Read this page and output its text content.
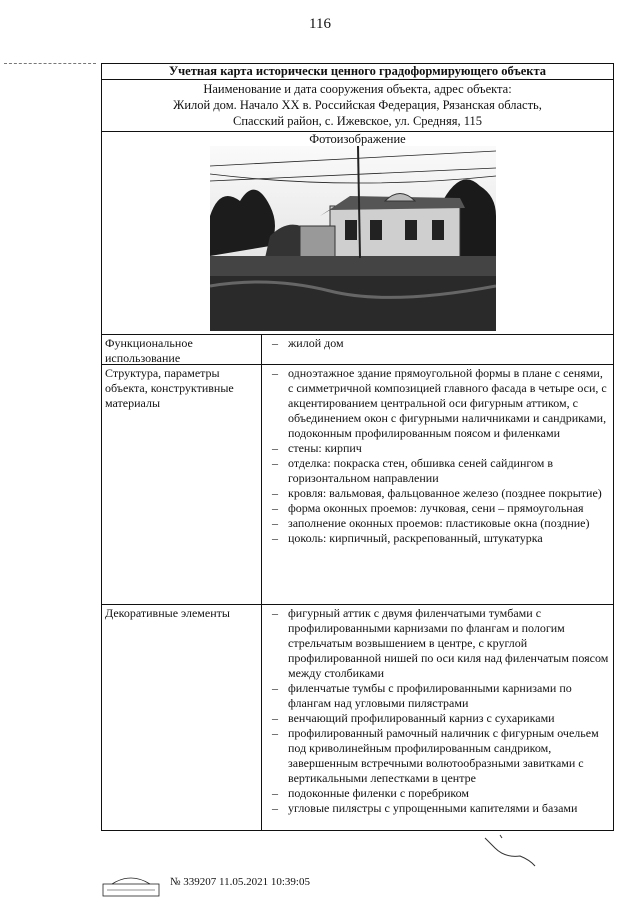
116
Учетная карта исторически ценного градоформирующего объекта
Наименование и дата сооружения объекта, адрес объекта:
Жилой дом. Начало XX в. Российская Федерация, Рязанская область,
Спасский район, с. Ижевское, ул. Средняя, 115
Фотоизображение
Функциональное использование
– жилой дом
Структура, параметры объекта, конструктивные материалы
– одноэтажное здание прямоугольной формы в плане с сенями, с симметричной композицией главного фасада в четыре оси, с акцентированием центральной оси фигурным аттиком, с объединением окон с фигурными наличниками и сандриками, подоконным профилированным поясом и филенками
– стены: кирпич
– отделка: покраска стен, обшивка сеней сайдингом в горизонтальном направлении
– кровля: вальмовая, фальцованное железо (позднее покрытие)
– форма оконных проемов: лучковая, сени – прямоугольная
– заполнение оконных проемов: пластиковые окна (поздние)
– цоколь: кирпичный, раскрепованный, штукатурка
Декоративные элементы
–	фигурный аттик с двумя филенчатыми тумбами с профилированными карнизами по флангам и пологим стрельчатым возвышением в центре, с круглой профилированной нишей по оси киля над филенчатым поясом между столбиками
– филенчатые тумбы с профилированными карнизами по флангам над угловыми пилястрами
– венчающий профилированный карниз с сухариками
– профилированный рамочный наличник с фигурным очельем под криволинейным профилированным сандриком, завершенным встречными волютообразными завитками с вертикальными лепестками в центре
– подоконные филенки с поребриком
– угловые пилястры с упрощенными капителями и базами
№ 339207 11.05.2021 10:39:05
